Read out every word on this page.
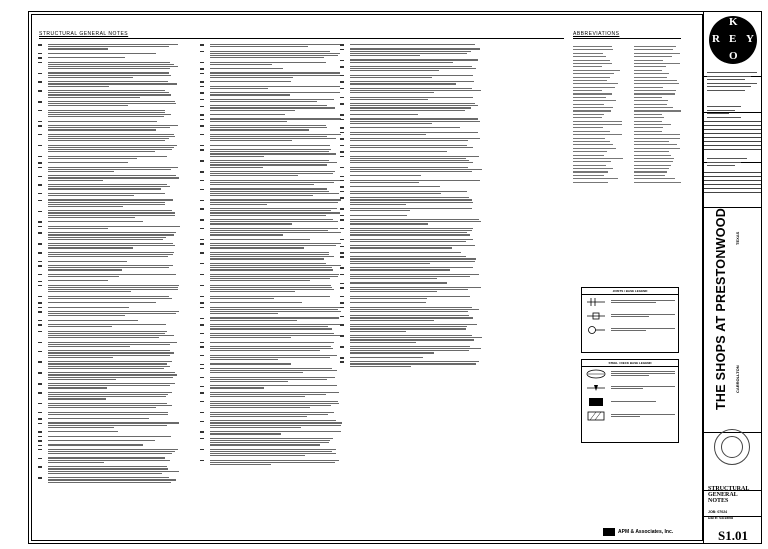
STRUCTURAL GENERAL NOTES	ABBREVIATIONS
JOISTS / BASE LEGEND
STEEL / DECK BASE LEGEND
APM & Associates, Inc.
K
R E Y
O
THE SHOPS AT PRESTONWOOD CARROLLTON
TEXAS
STRUCTURAL GENERAL NOTES
JOB: 07024
DATE: 02/15/08
S1.01
